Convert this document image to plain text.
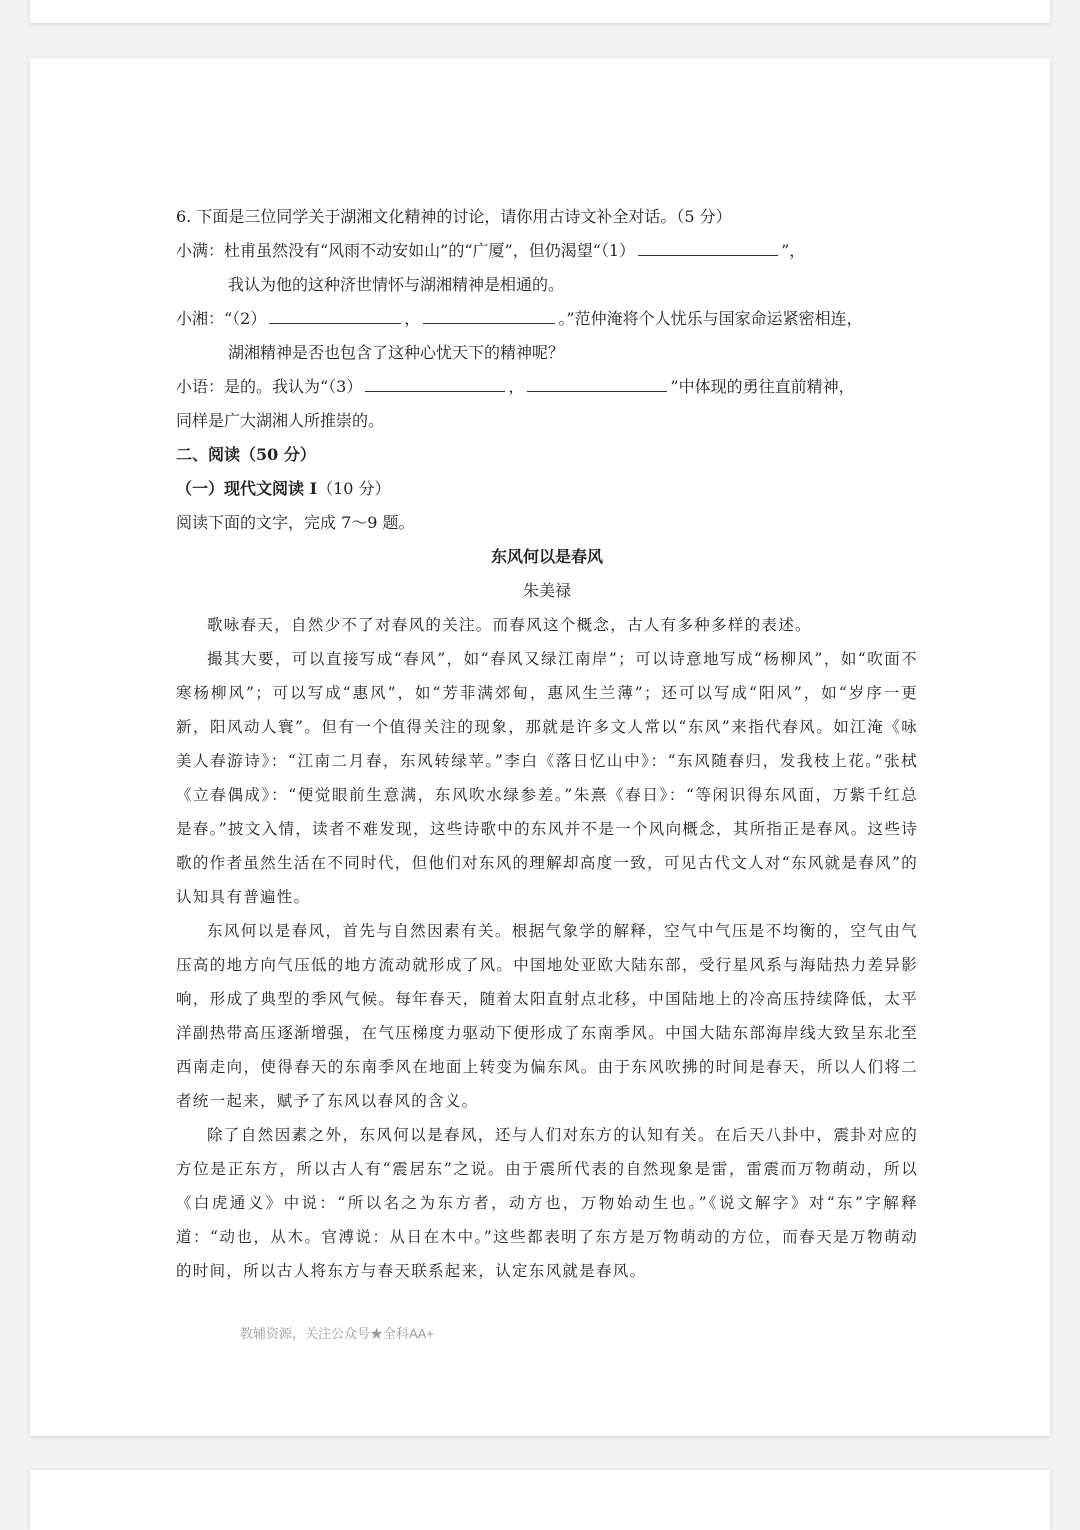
6. 下面是三位同学关于湖湘文化精神的讨论，请你用古诗文补全对话。（5 分）
小满：杜甫虽然没有“风雨不动安如山”的“广厦”，但仍渴望“（1）	”，
我认为他的这种济世情怀与湖湘精神是相通的。
小湘：“（2）	，	。”范仲淹将个人忧乐与国家命运紧密相连，
湖湘精神是否也包含了这种心忧天下的精神呢？
小语：是的。我认为“（3）	，	”中体现的勇往直前精神，
同样是广大湖湘人所推崇的。
二、阅读（50 分）
（一）现代文阅读 I（10 分）
阅读下面的文字，完成 7～9 题。
东风何以是春风
朱美禄

歌咏春天，自然少不了对春风的关注。而春风这个概念，古人有多种多样的表述。

撮其大要，可以直接写成“春风”，如“春风又绿江南岸”；可以诗意地写成“杨柳风”，如“吹面不寒杨柳风”；可以写成“惠风”，如“芳菲满郊甸，惠风生兰薄”；还可以写成“阳风”，如“岁序一更新，阳风动人寰”。但有一个值得关注的现象，那就是许多文人常以“东风”来指代春风。如江淹《咏美人春游诗》：“江南二月春，东风转绿苹。”李白《落日忆山中》：“东风随春归，发我枝上花。”张栻《立春偶成》：“便觉眼前生意满，东风吹水绿参差。”朱熹《春日》：“等闲识得东风面，万紫千红总是春。”披文入情，读者不难发现，这些诗歌中的东风并不是一个风向概念，其所指正是春风。这些诗歌的作者虽然生活在不同时代，但他们对东风的理解却高度一致，可见古代文人对“东风就是春风”的认知具有普遍性。

东风何以是春风，首先与自然因素有关。根据气象学的解释，空气中气压是不均衡的，空气由气压高的地方向气压低的地方流动就形成了风。中国地处亚欧大陆东部，受行星风系与海陆热力差异影响，形成了典型的季风气候。每年春天，随着太阳直射点北移，中国陆地上的冷高压持续降低，太平洋副热带高压逐渐增强，在气压梯度力驱动下便形成了东南季风。中国大陆东部海岸线大致呈东北至西南走向，使得春天的东南季风在地面上转变为偏东风。由于东风吹拂的时间是春天，所以人们将二者统一起来，赋予了东风以春风的含义。

除了自然因素之外，东风何以是春风，还与人们对东方的认知有关。在后天八卦中，震卦对应的方位是正东方，所以古人有“震居东”之说。由于震所代表的自然现象是雷，雷震而万物萌动，所以《白虎通义》中说：“所以名之为东方者，动方也，万物始动生也。”《说文解字》对“东”字解释道：“动也，从木。官溥说：从日在木中。”这些都表明了东方是万物萌动的方位，而春天是万物萌动的时间，所以古人将东方与春天联系起来，认定东风就是春风。

教辅资源，关注公众号★全科AA+
